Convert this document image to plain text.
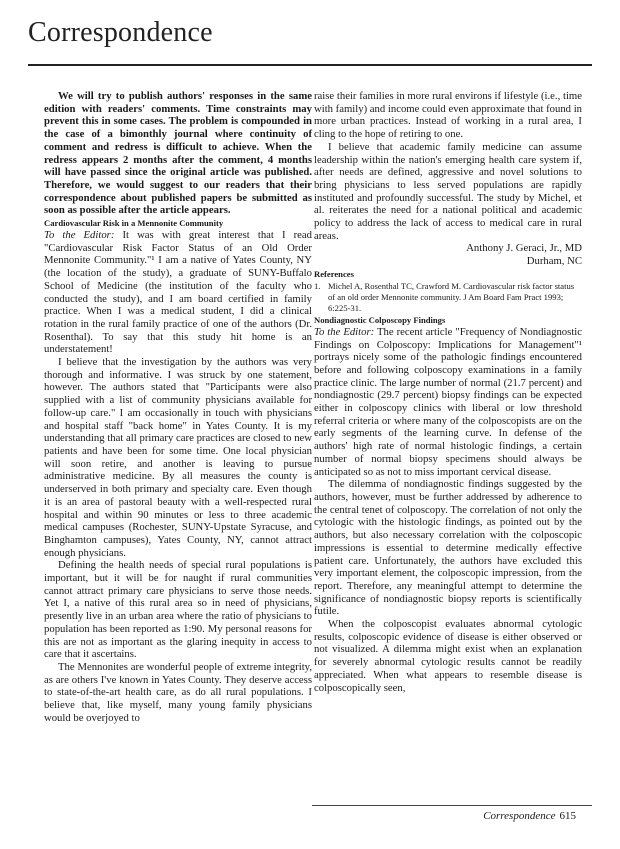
Correspondence

We will try to publish authors' responses in the same edition with readers' comments. Time constraints may prevent this in some cases. The problem is compounded in the case of a bimonthly journal where continuity of comment and redress is difficult to achieve. When the redress appears 2 months after the comment, 4 months will have passed since the original article was published. Therefore, we would suggest to our readers that their correspondence about published papers be submitted as soon as possible after the article appears.

Cardiovascular Risk in a Mennonite Community

To the Editor: It was with great interest that I read "Cardiovascular Risk Factor Status of an Old Order Mennonite Community."¹ I am a native of Yates County, NY (the location of the study), a graduate of SUNY-Buffalo School of Medicine (the institution of the faculty who conducted the study), and I am board certified in family practice. When I was a medical student, I did a clinical rotation in the rural family practice of one of the authors (Dr. Rosenthal). To say that this study hit home is an understatement!

I believe that the investigation by the authors was very thorough and informative. I was struck by one statement, however. The authors stated that "Participants were also supplied with a list of community physicians available for follow-up care." I am occasionally in touch with physicians and hospital staff "back home" in Yates County. It is my understanding that all primary care practices are closed to new patients and have been for some time. One local physician will soon retire, and another is leaving to pursue administrative medicine. By all measures the county is underserved in both primary and specialty care. Even though it is an area of pastoral beauty with a well-respected rural hospital and within 90 minutes or less to three academic medical campuses (Rochester, SUNY-Upstate Syracuse, and Binghamton campuses), Yates County, NY, cannot attract enough physicians.

Defining the health needs of special rural populations is important, but it will be for naught if rural communities cannot attract primary care physicians to serve those needs. Yet I, a native of this rural area so in need of physicians, presently live in an urban area where the ratio of physicians to population has been reported as 1:90. My personal reasons for this are not as important as the glaring inequity in access to care that it ascertains.

The Mennonites are wonderful people of extreme integrity, as are others I've known in Yates County. They deserve access to state-of-the-art health care, as do all rural populations. I believe that, like myself, many young family physicians would be overjoyed to

raise their families in more rural environs if lifestyle (i.e., time with family) and income could even approximate that found in more urban practices. Instead of working in a rural area, I cling to the hope of retiring to one.

I believe that academic family medicine can assume leadership within the nation's emerging health care system if, after needs are defined, aggressive and novel solutions to bring physicians to less served populations are rapidly instituted and profoundly successful. The study by Michel, et al. reiterates the need for a national political and academic policy to address the lack of access to medical care in rural areas.

Anthony J. Geraci, Jr., MD

Durham, NC

References

1. Michel A, Rosenthal TC, Crawford M. Cardiovascular risk factor status of an old order Mennonite community. J Am Board Fam Pract 1993; 6:225-31.

Nondiagnostic Colposcopy Findings

To the Editor: The recent article "Frequency of Nondiagnostic Findings on Colposcopy: Implications for Management"¹ portrays nicely some of the pathologic findings encountered before and following colposcopy examinations in a family practice clinic. The large number of normal (21.7 percent) and nondiagnostic (29.7 percent) biopsy findings can be expected either in colposcopy clinics with liberal or low threshold referral criteria or where many of the colposcopists are on the early segments of the learning curve. In defense of the authors' high rate of normal histologic findings, a certain number of normal biopsy specimens should always be anticipated so as not to miss important cervical disease.

The dilemma of nondiagnostic findings suggested by the authors, however, must be further addressed by adherence to the central tenet of colposcopy. The correlation of not only the cytologic with the histologic findings, as pointed out by the authors, but also necessary correlation with the colposcopic impressions is essential to determine medically effective patient care. Unfortunately, the authors have excluded this very important element, the colposcopic impression, from the report. Therefore, any meaningful attempt to determine the significance of nondiagnostic biopsy reports is scientifically futile.

When the colposcopist evaluates abnormal cytologic results, colposcopic evidence of disease is either observed or not visualized. A dilemma might exist when an explanation for severely abnormal cytologic results cannot be readily appreciated. When what appears to resemble disease is colposcopically seen,

Correspondence 615
